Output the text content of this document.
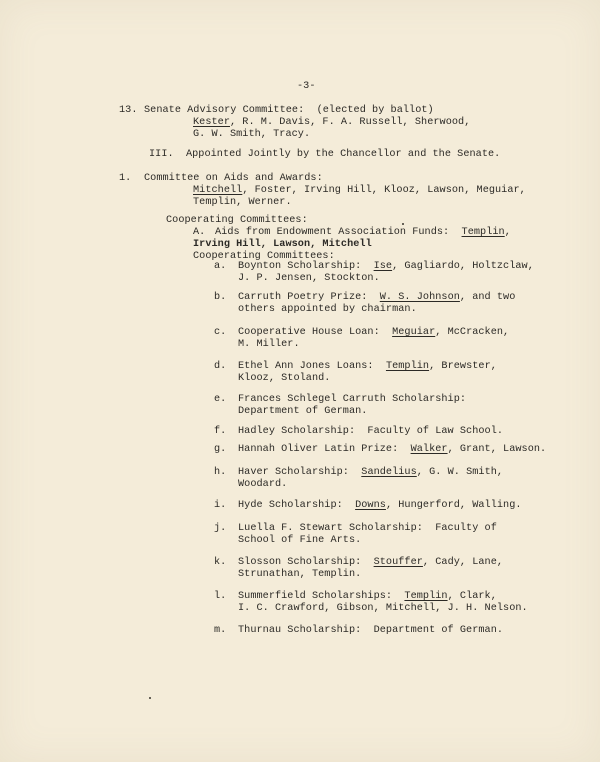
-3-
13. Senate Advisory Committee:  (elected by ballot)
Kester, R. M. Davis, F. A. Russell, Sherwood,
G. W. Smith, Tracy.
III.  Appointed Jointly by the Chancellor and the Senate.
1. Committee on Aids and Awards:
Mitchell, Foster, Irving Hill, Klooz, Lawson, Meguiar,
Templin, Werner.
Cooperating Committees:
A. Aids from Endowment Association Funds:  Templin,
Irving Hill, Lawson, Mitchell
Cooperating Committees:
a. Boynton Scholarship:  Ise, Gagliardo, Holtzclaw,
J. P. Jensen, Stockton.
b. Carruth Poetry Prize:  W. S. Johnson, and two
others appointed by chairman.
c. Cooperative House Loan:  Meguiar, McCracken,
M. Miller.
d. Ethel Ann Jones Loans:  Templin, Brewster,
Klooz, Stoland.
e. Frances Schlegel Carruth Scholarship:
Department of German.
f. Hadley Scholarship:  Faculty of Law School.
g. Hannah Oliver Latin Prize:  Walker, Grant, Lawson.
h. Haver Scholarship:  Sandelius, G. W. Smith,
Woodard.
i. Hyde Scholarship:  Downs, Hungerford, Walling.
j. Luella F. Stewart Scholarship:  Faculty of
School of Fine Arts.
k. Slosson Scholarship:  Stouffer, Cady, Lane,
Strunathan, Templin.
l. Summerfield Scholarships:  Templin, Clark,
I. C. Crawford, Gibson, Mitchell, J. H. Nelson.
m. Thurnau Scholarship:  Department of German.
